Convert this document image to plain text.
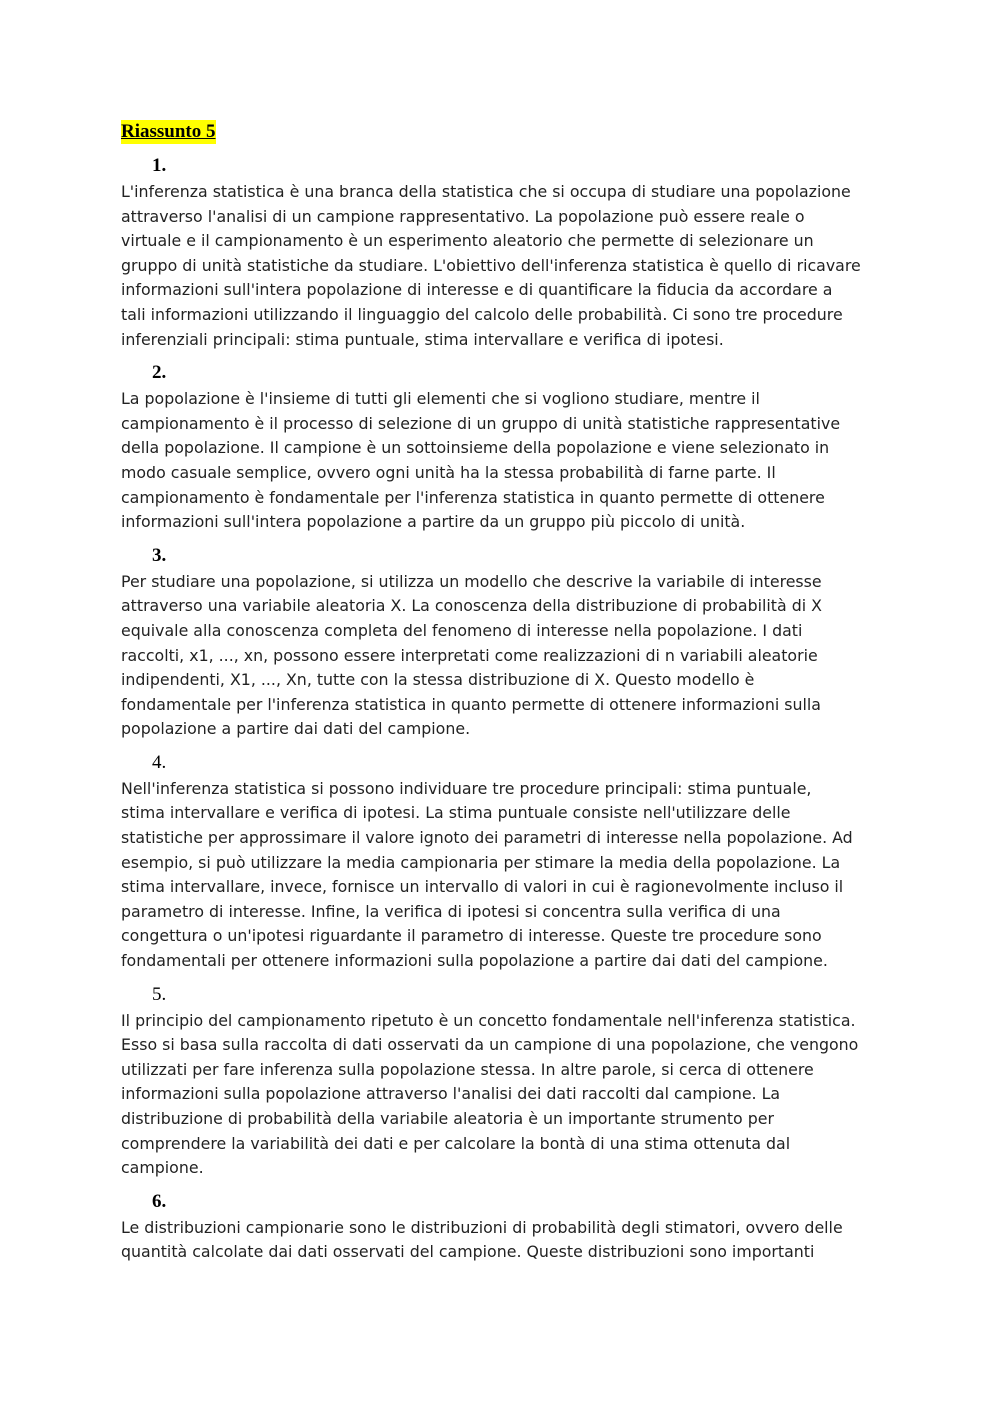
Riassunto 5
1.

L'inferenza statistica è una branca della statistica che si occupa di studiare una popolazione
attraverso l'analisi di un campione rappresentativo. La popolazione può essere reale o
virtuale e il campionamento è un esperimento aleatorio che permette di selezionare un
gruppo di unità statistiche da studiare. L'obiettivo dell'inferenza statistica è quello di ricavare
informazioni sull'intera popolazione di interesse e di quantificare la fiducia da accordare a
tali informazioni utilizzando il linguaggio del calcolo delle probabilità. Ci sono tre procedure
inferenziali principali: stima puntuale, stima intervallare e verifica di ipotesi.

2.

La popolazione è l'insieme di tutti gli elementi che si vogliono studiare, mentre il
campionamento è il processo di selezione di un gruppo di unità statistiche rappresentative
della popolazione. Il campione è un sottoinsieme della popolazione e viene selezionato in
modo casuale semplice, ovvero ogni unità ha la stessa probabilità di farne parte. Il
campionamento è fondamentale per l'inferenza statistica in quanto permette di ottenere
informazioni sull'intera popolazione a partire da un gruppo più piccolo di unità.

3.

Per studiare una popolazione, si utilizza un modello che descrive la variabile di interesse
attraverso una variabile aleatoria X. La conoscenza della distribuzione di probabilità di X
equivale alla conoscenza completa del fenomeno di interesse nella popolazione. I dati
raccolti, x1, ..., xn, possono essere interpretati come realizzazioni di n variabili aleatorie
indipendenti, X1, ..., Xn, tutte con la stessa distribuzione di X. Questo modello è
fondamentale per l'inferenza statistica in quanto permette di ottenere informazioni sulla
popolazione a partire dai dati del campione.

4.

Nell'inferenza statistica si possono individuare tre procedure principali: stima puntuale,
stima intervallare e verifica di ipotesi. La stima puntuale consiste nell'utilizzare delle
statistiche per approssimare il valore ignoto dei parametri di interesse nella popolazione. Ad
esempio, si può utilizzare la media campionaria per stimare la media della popolazione. La
stima intervallare, invece, fornisce un intervallo di valori in cui è ragionevolmente incluso il
parametro di interesse. Infine, la verifica di ipotesi si concentra sulla verifica di una
congettura o un'ipotesi riguardante il parametro di interesse. Queste tre procedure sono
fondamentali per ottenere informazioni sulla popolazione a partire dai dati del campione.

5.

Il principio del campionamento ripetuto è un concetto fondamentale nell'inferenza statistica.
Esso si basa sulla raccolta di dati osservati da un campione di una popolazione, che vengono
utilizzati per fare inferenza sulla popolazione stessa. In altre parole, si cerca di ottenere
informazioni sulla popolazione attraverso l'analisi dei dati raccolti dal campione. La
distribuzione di probabilità della variabile aleatoria è un importante strumento per
comprendere la variabilità dei dati e per calcolare la bontà di una stima ottenuta dal
campione.

6.

Le distribuzioni campionarie sono le distribuzioni di probabilità degli stimatori, ovvero delle
quantità calcolate dai dati osservati del campione. Queste distribuzioni sono importanti
